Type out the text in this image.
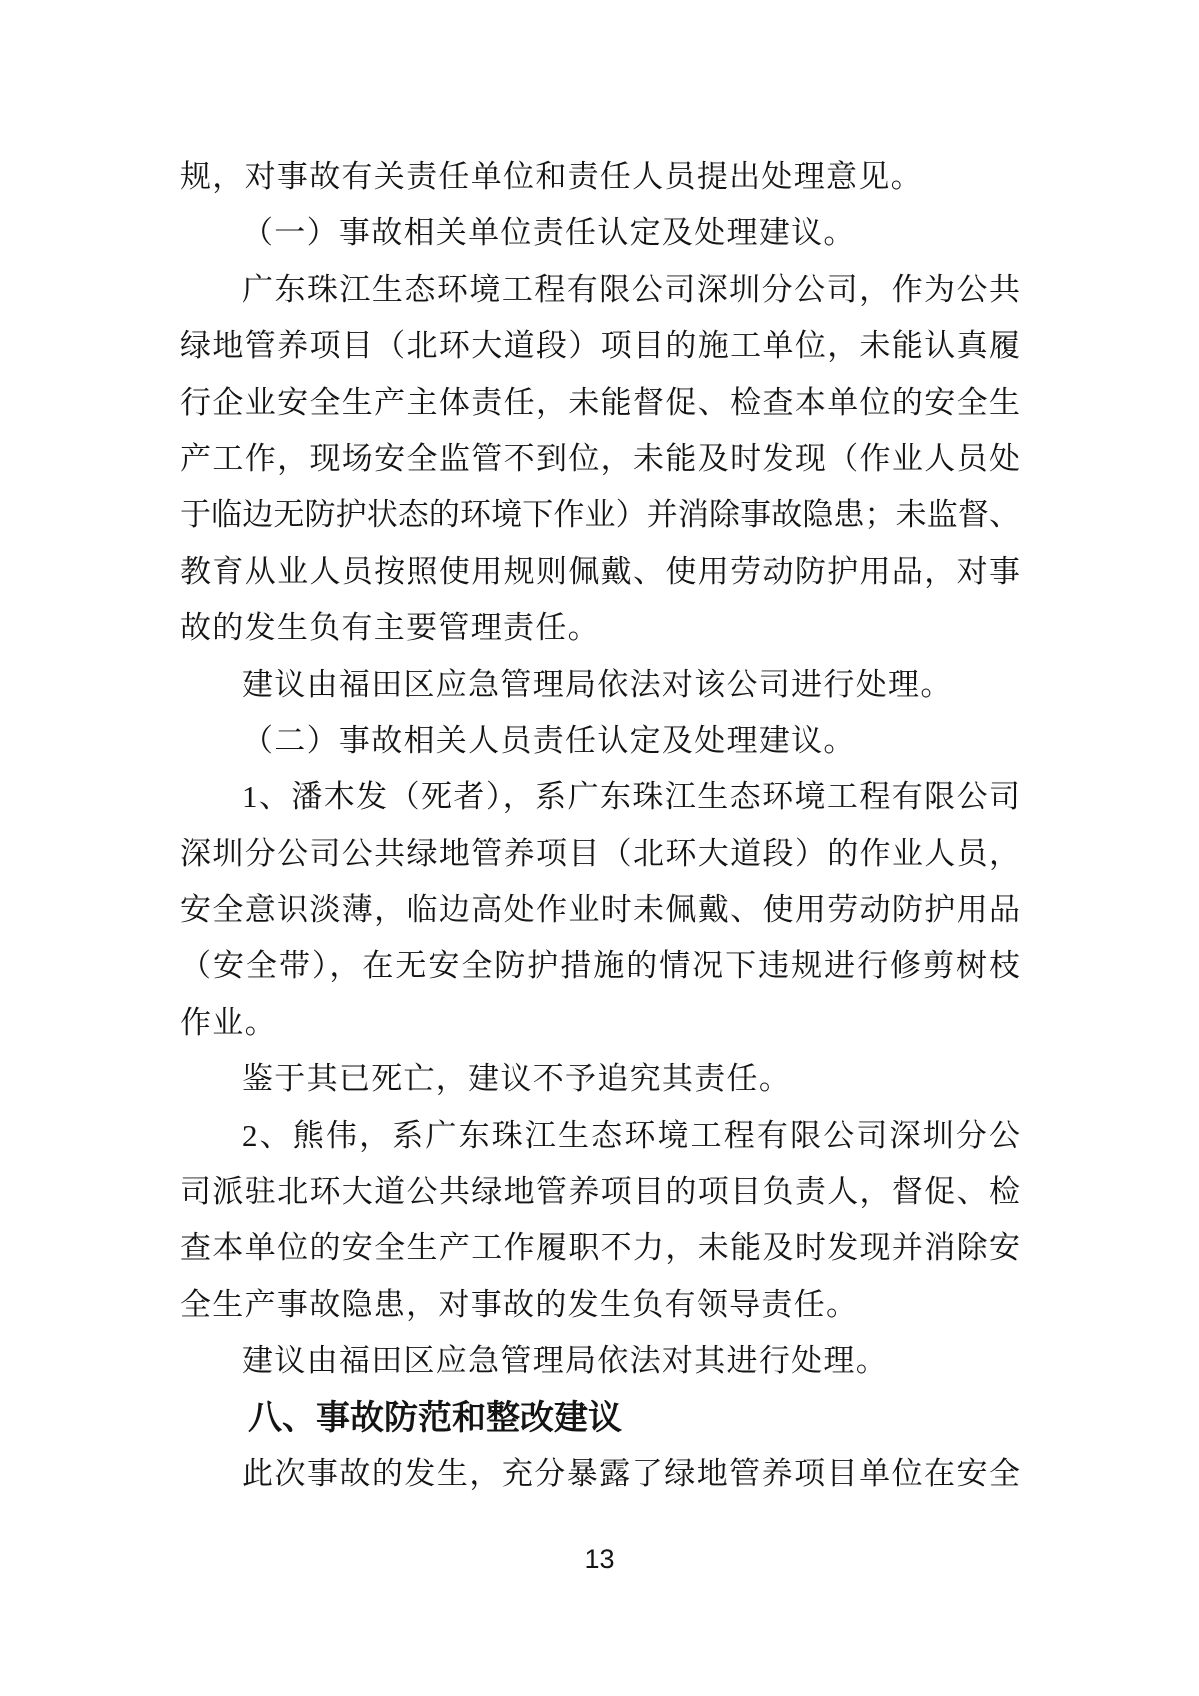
规，对事故有关责任单位和责任人员提出处理意见。
（一）事故相关单位责任认定及处理建议。
广东珠江生态环境工程有限公司深圳分公司，作为公共
绿地管养项目（北环大道段）项目的施工单位，未能认真履
行企业安全生产主体责任，未能督促、检查本单位的安全生
产工作，现场安全监管不到位，未能及时发现（作业人员处
于临边无防护状态的环境下作业）并消除事故隐患；未监督、
教育从业人员按照使用规则佩戴、使用劳动防护用品，对事
故的发生负有主要管理责任。
建议由福田区应急管理局依法对该公司进行处理。
（二）事故相关人员责任认定及处理建议。
1、潘木发（死者），系广东珠江生态环境工程有限公司
深圳分公司公共绿地管养项目（北环大道段）的作业人员，
安全意识淡薄，临边高处作业时未佩戴、使用劳动防护用品
（安全带），在无安全防护措施的情况下违规进行修剪树枝
作业。
鉴于其已死亡，建议不予追究其责任。
2、熊伟，系广东珠江生态环境工程有限公司深圳分公
司派驻北环大道公共绿地管养项目的项目负责人，督促、检
查本单位的安全生产工作履职不力，未能及时发现并消除安
全生产事故隐患，对事故的发生负有领导责任。
建议由福田区应急管理局依法对其进行处理。
八、事故防范和整改建议
此次事故的发生，充分暴露了绿地管养项目单位在安全
13
